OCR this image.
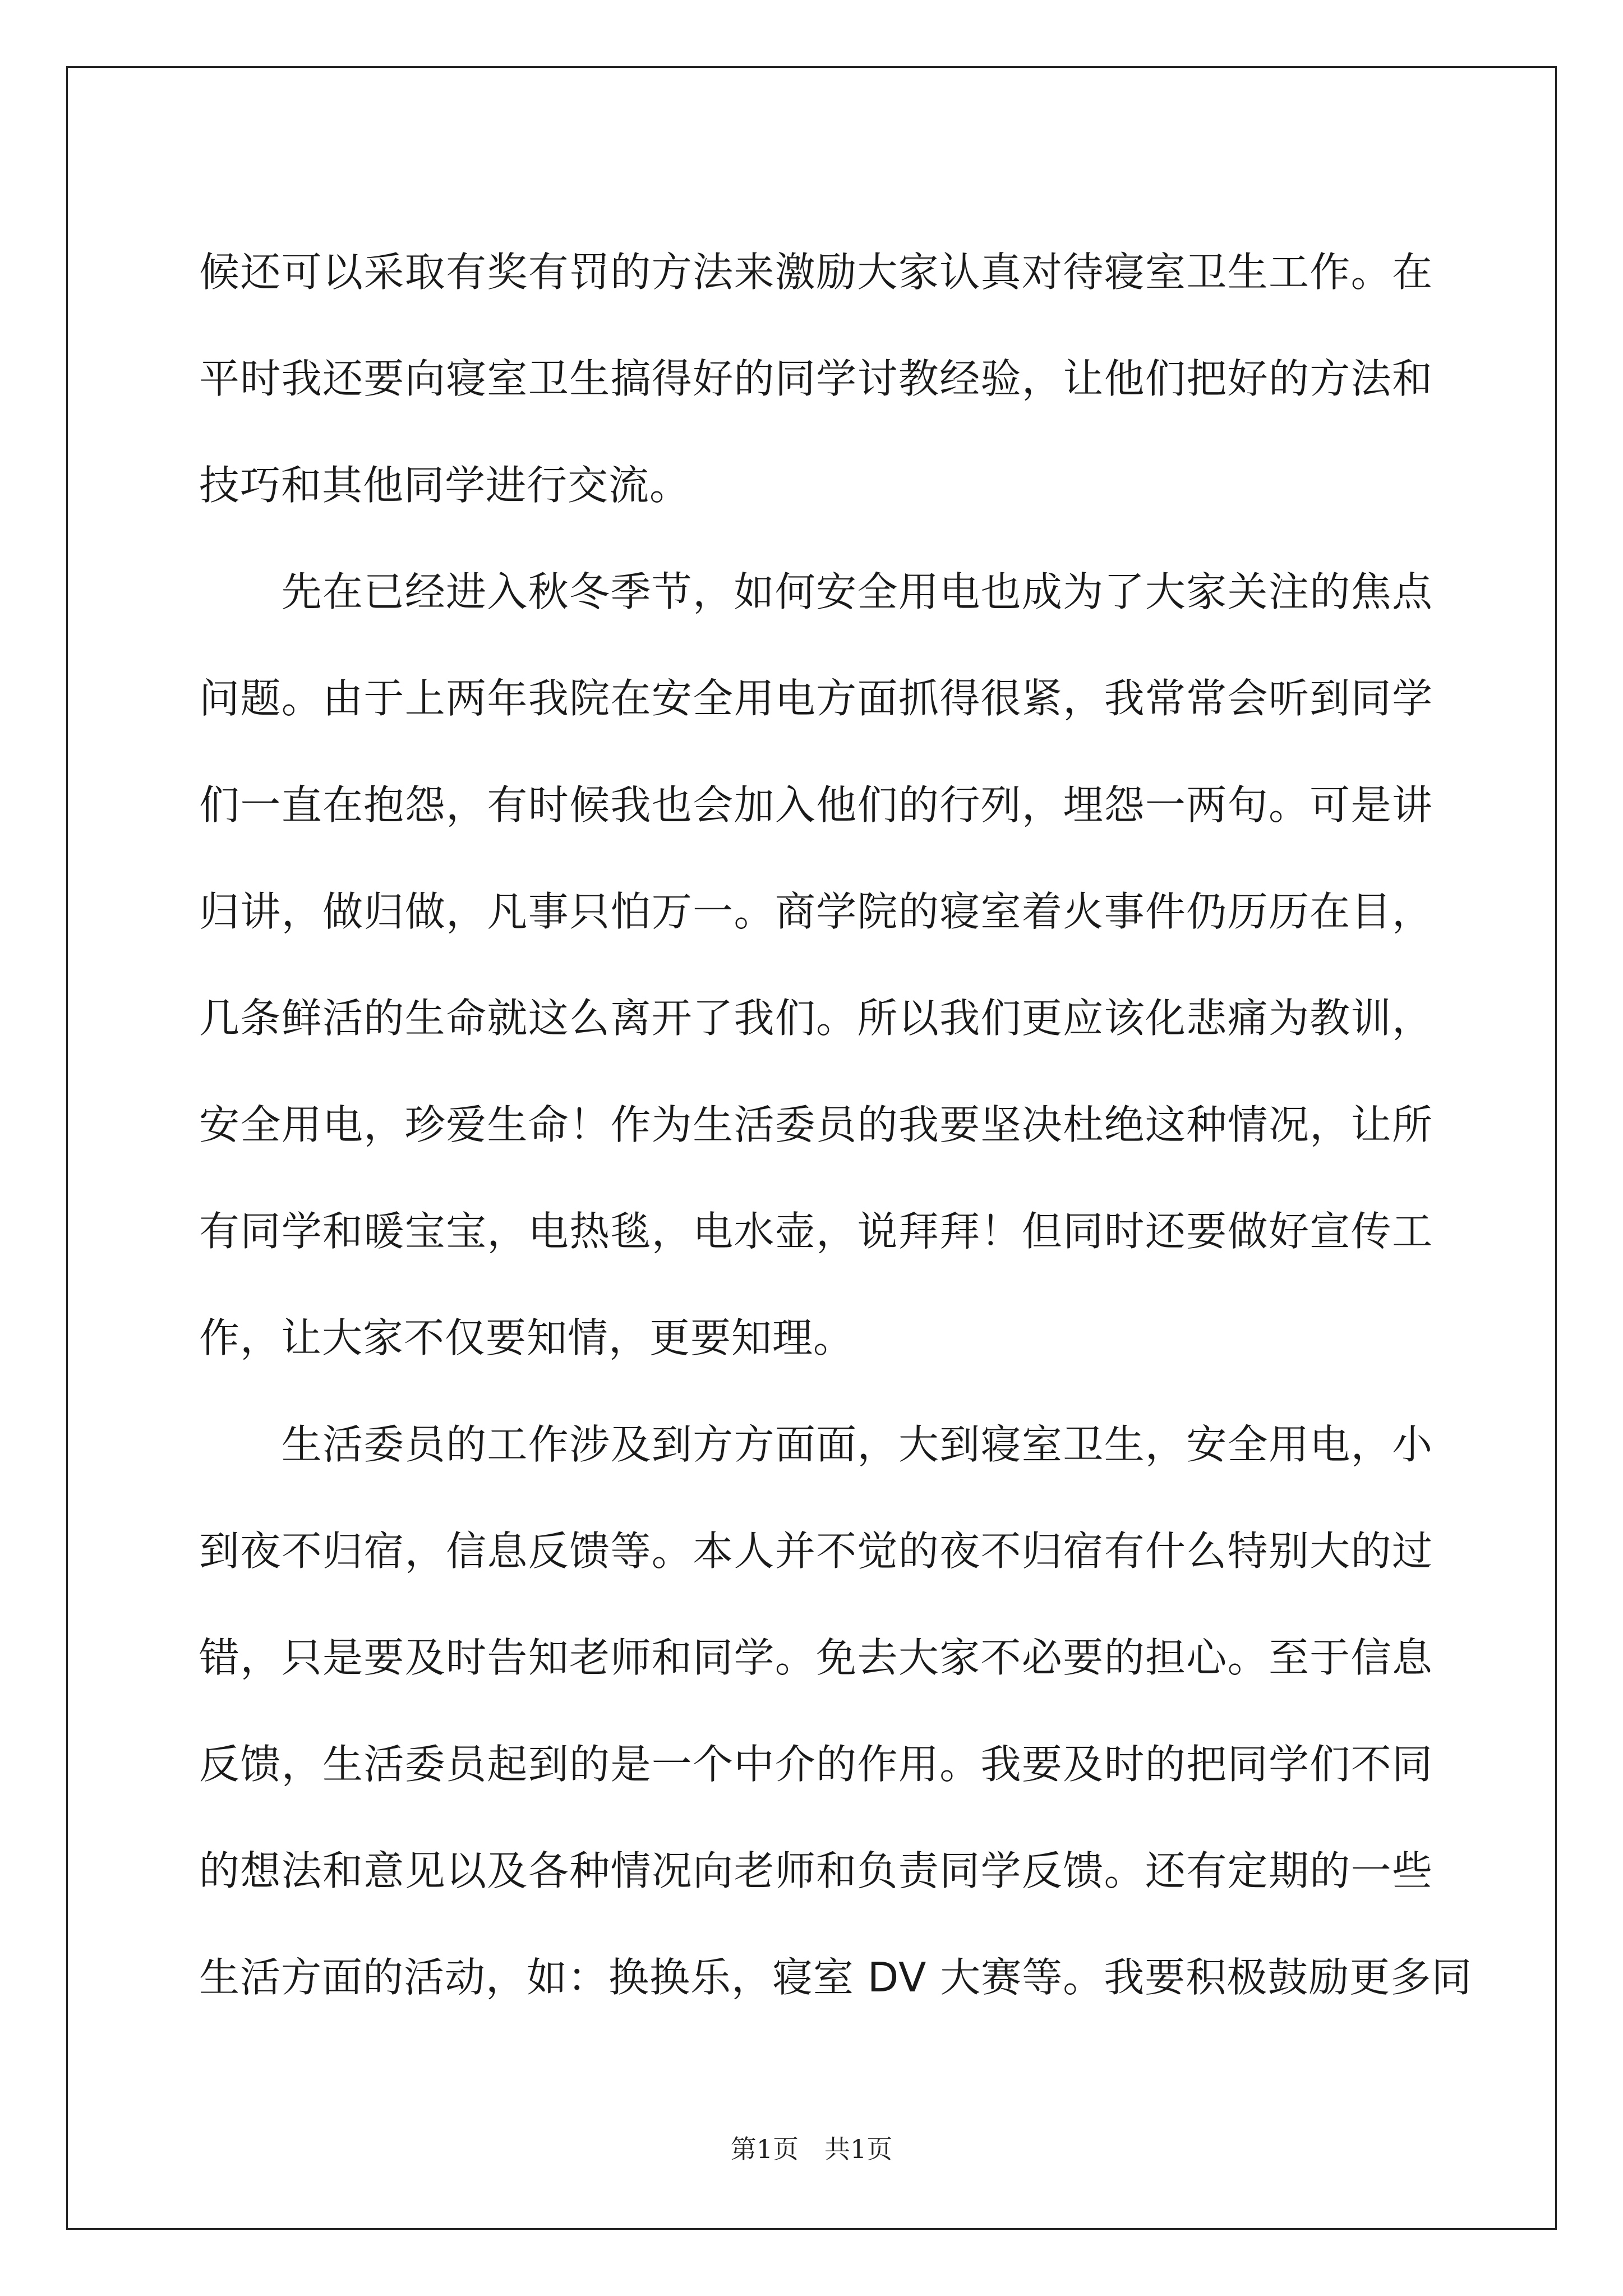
候还可以采取有奖有罚的方法来激励大家认真对待寝室卫生工作。在
平时我还要向寝室卫生搞得好的同学讨教经验，让他们把好的方法和
技巧和其他同学进行交流。

　　先在已经进入秋冬季节，如何安全用电也成为了大家关注的焦点
问题。由于上两年我院在安全用电方面抓得很紧，我常常会听到同学
们一直在抱怨，有时候我也会加入他们的行列，埋怨一两句。可是讲
归讲，做归做，凡事只怕万一。商学院的寝室着火事件仍历历在目，
几条鲜活的生命就这么离开了我们。所以我们更应该化悲痛为教训，
安全用电，珍爱生命！作为生活委员的我要坚决杜绝这种情况，让所
有同学和暖宝宝，电热毯，电水壶，说拜拜！但同时还要做好宣传工
作，让大家不仅要知情，更要知理。

　　生活委员的工作涉及到方方面面，大到寝室卫生，安全用电，小
到夜不归宿，信息反馈等。本人并不觉的夜不归宿有什么特别大的过
错，只是要及时告知老师和同学。免去大家不必要的担心。至于信息
反馈，生活委员起到的是一个中介的作用。我要及时的把同学们不同
的想法和意见以及各种情况向老师和负责同学反馈。还有定期的一些
生活方面的活动，如：换换乐，寝室 DV 大赛等。我要积极鼓励更多同

第1页　共1页
